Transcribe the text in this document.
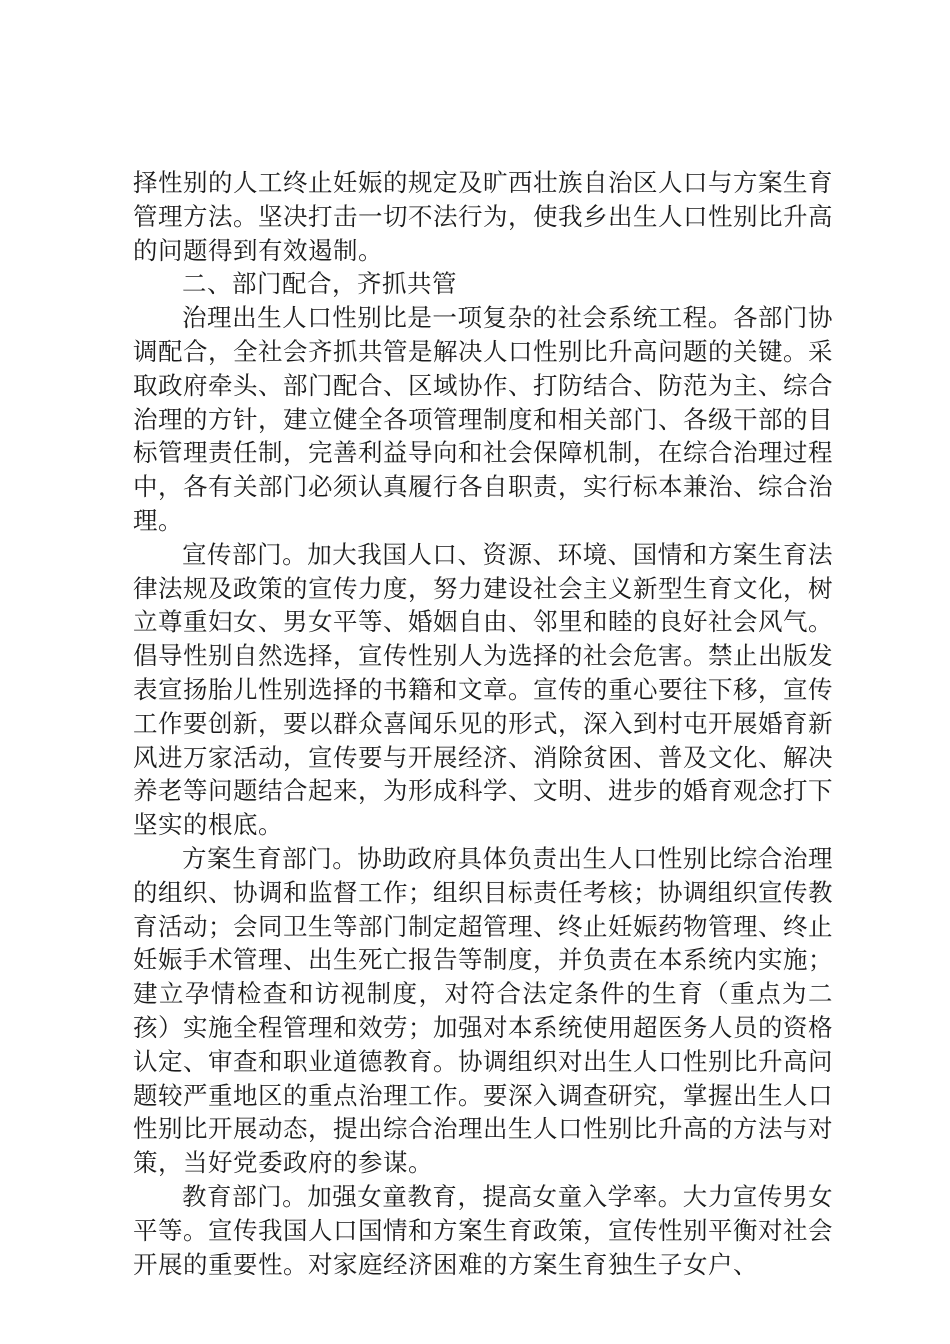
择性别的人工终止妊娠的规定及旷西壮族自治区人口与方案生育管理方法。坚决打击一切不法行为，使我乡出生人口性别比升高的问题得到有效遏制。

二、部门配合，齐抓共管

治理出生人口性别比是一项复杂的社会系统工程。各部门协调配合，全社会齐抓共管是解决人口性别比升高问题的关键。采取政府牵头、部门配合、区域协作、打防结合、防范为主、综合治理的方针，建立健全各项管理制度和相关部门、各级干部的目标管理责任制，完善利益导向和社会保障机制，在综合治理过程中，各有关部门必须认真履行各自职责，实行标本兼治、综合治理。

宣传部门。加大我国人口、资源、环境、国情和方案生育法律法规及政策的宣传力度，努力建设社会主义新型生育文化，树立尊重妇女、男女平等、婚姻自由、邻里和睦的良好社会风气。倡导性别自然选择，宣传性别人为选择的社会危害。禁止出版发表宣扬胎儿性别选择的书籍和文章。宣传的重心要往下移，宣传工作要创新，要以群众喜闻乐见的形式，深入到村屯开展婚育新风进万家活动，宣传要与开展经济、消除贫困、普及文化、解决养老等问题结合起来，为形成科学、文明、进步的婚育观念打下坚实的根底。

方案生育部门。协助政府具体负责出生人口性别比综合治理的组织、协调和监督工作；组织目标责任考核；协调组织宣传教育活动；会同卫生等部门制定超管理、终止妊娠药物管理、终止妊娠手术管理、出生死亡报告等制度，并负责在本系统内实施；建立孕情检查和访视制度，对符合法定条件的生育（重点为二孩）实施全程管理和效劳；加强对本系统使用超医务人员的资格认定、审查和职业道德教育。协调组织对出生人口性别比升高问题较严重地区的重点治理工作。要深入调查研究，掌握出生人口性别比开展动态，提出综合治理出生人口性别比升高的方法与对策，当好党委政府的参谋。

教育部门。加强女童教育，提高女童入学率。大力宣传男女平等。宣传我国人口国情和方案生育政策，宣传性别平衡对社会开展的重要性。对家庭经济困难的方案生育独生子女户、
